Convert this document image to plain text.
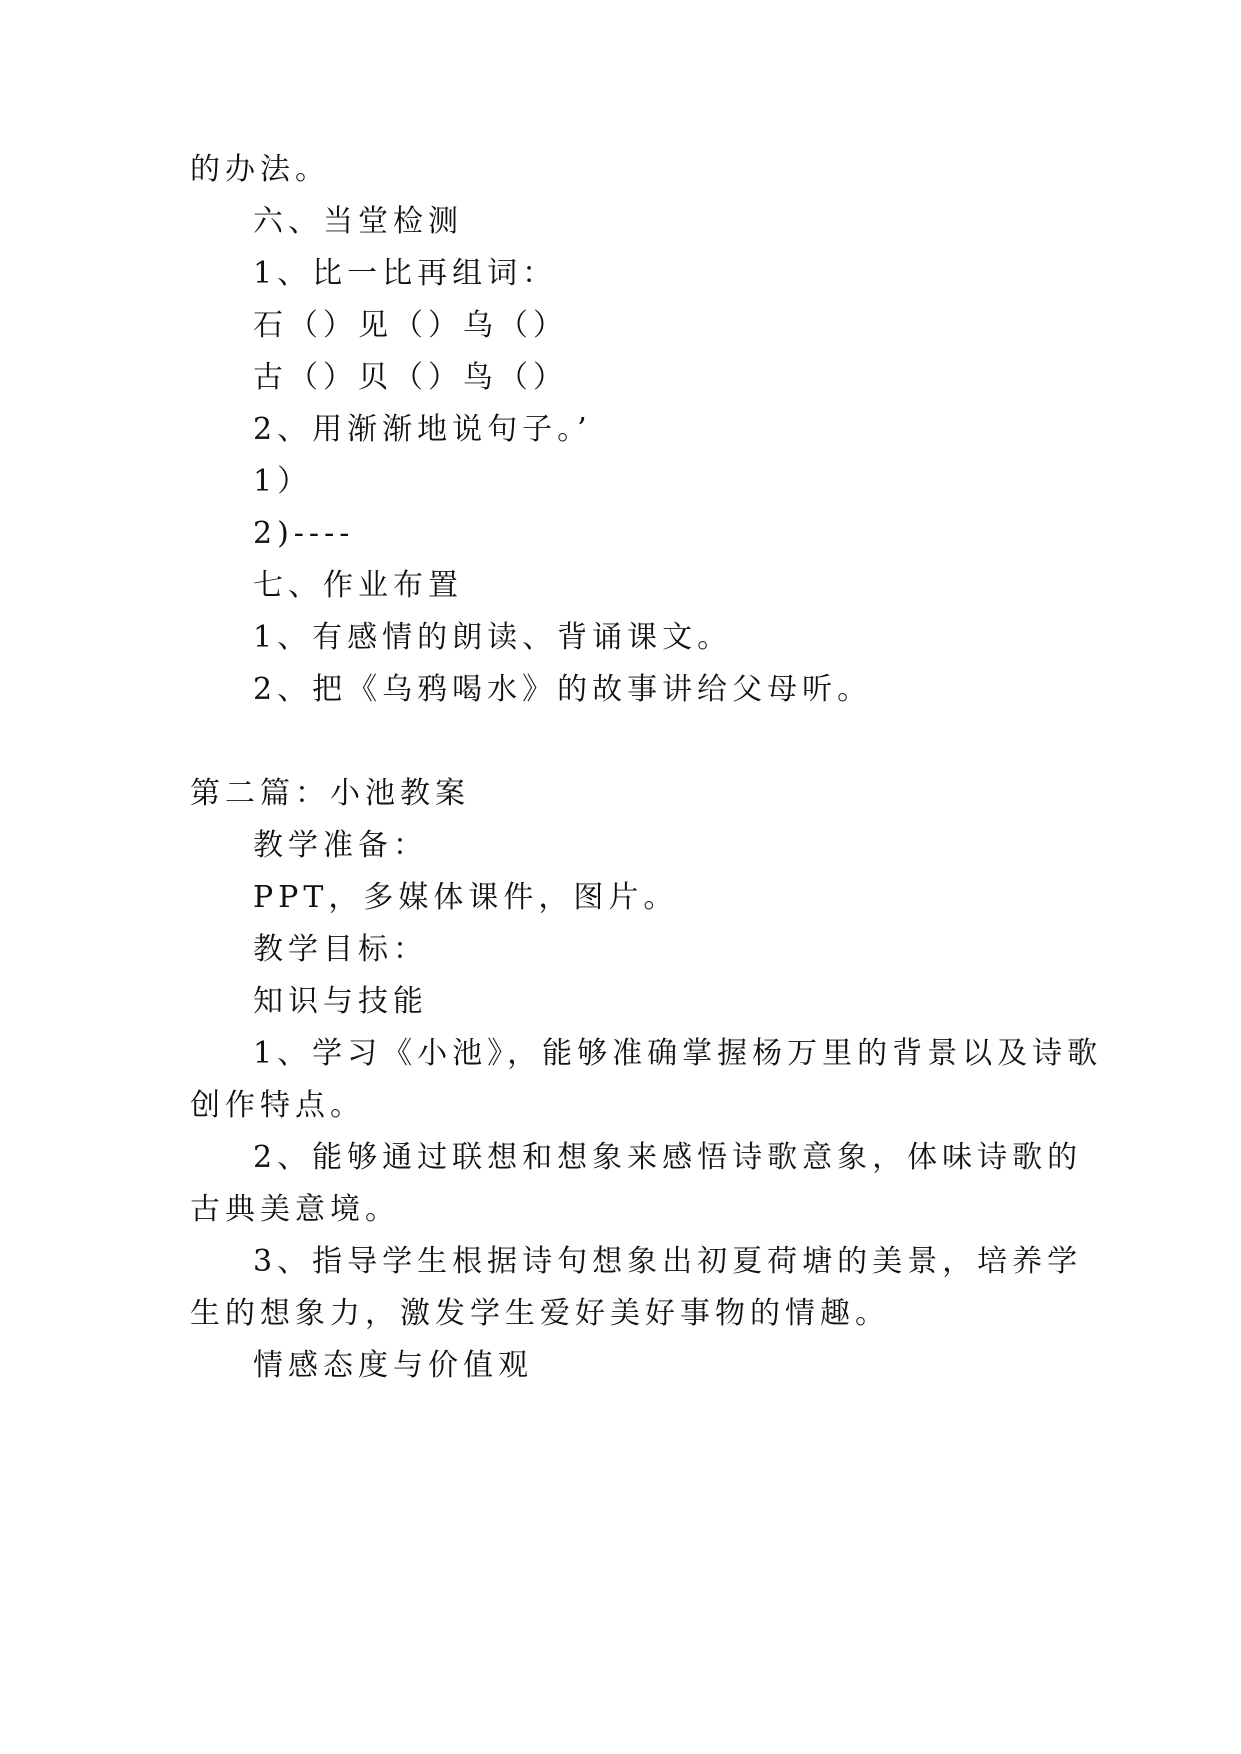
的办法。
六、当堂检测
1、比一比再组词：
石（）见（）乌（）
古（）贝（）鸟（）
2、用渐渐地说句子。’
1）
2)----
七、作业布置
1、有感情的朗读、背诵课文。
2、把《乌鸦喝水》的故事讲给父母听。
第二篇：小池教案
教学准备：
PPT，多媒体课件，图片。
教学目标：
知识与技能
1、学习《小池》，能够准确掌握杨万里的背景以及诗歌
创作特点。
2、能够通过联想和想象来感悟诗歌意象，体味诗歌的
古典美意境。
3、指导学生根据诗句想象出初夏荷塘的美景，培养学
生的想象力，激发学生爱好美好事物的情趣。
情感态度与价值观
